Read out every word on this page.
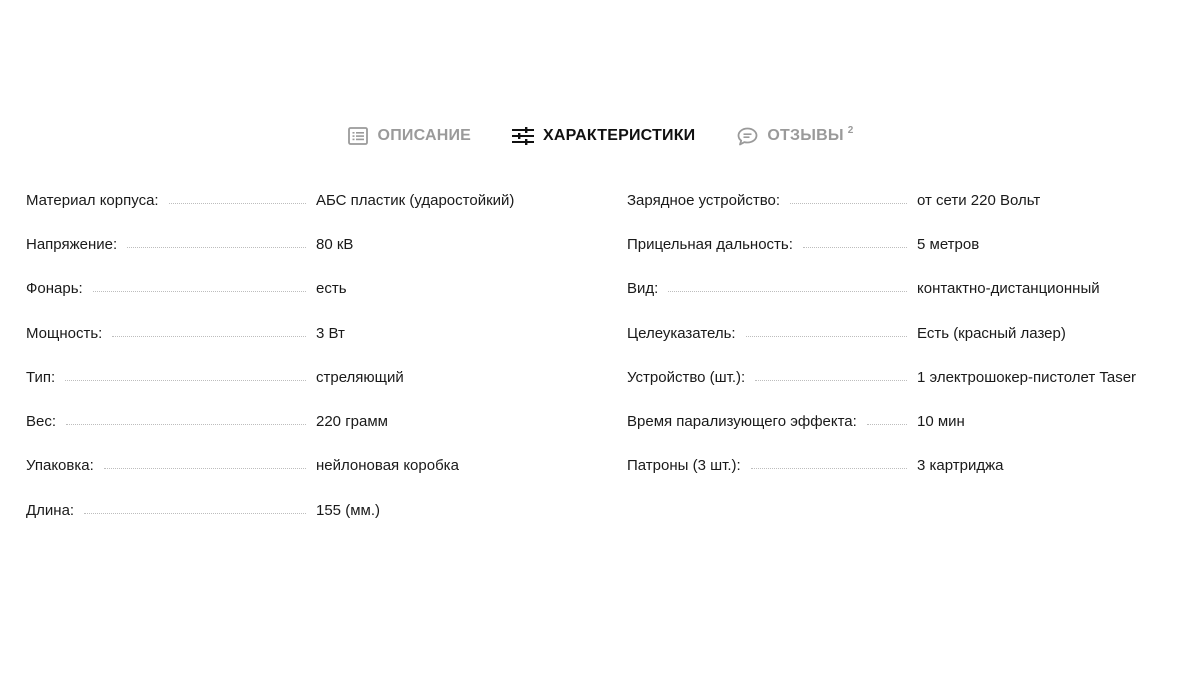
ОПИСАНИЕ	ХАРАКТЕРИСТИКИ	ОТЗЫВЫ $^2$
Материал корпуса:	АБС пластик (ударостойкий)
Напряжение:	80 кВ
Фонарь:	есть
Мощность:	3 Вт
Тип:	стреляющий
Вес:	220 грамм
Упаковка:	нейлоновая коробка
Длина:	155 (мм.)
Зарядное устройство:	от сети 220 Вольт
Прицельная дальность:	5 метров
Вид:	контактно-дистанционный
Целеуказатель:	Есть (красный лазер)
Устройство (шт.):	1 электрошокер-пистолет Taser
Время парализующего эффекта:	10 мин
Патроны (3 шт.):	3 картриджа
